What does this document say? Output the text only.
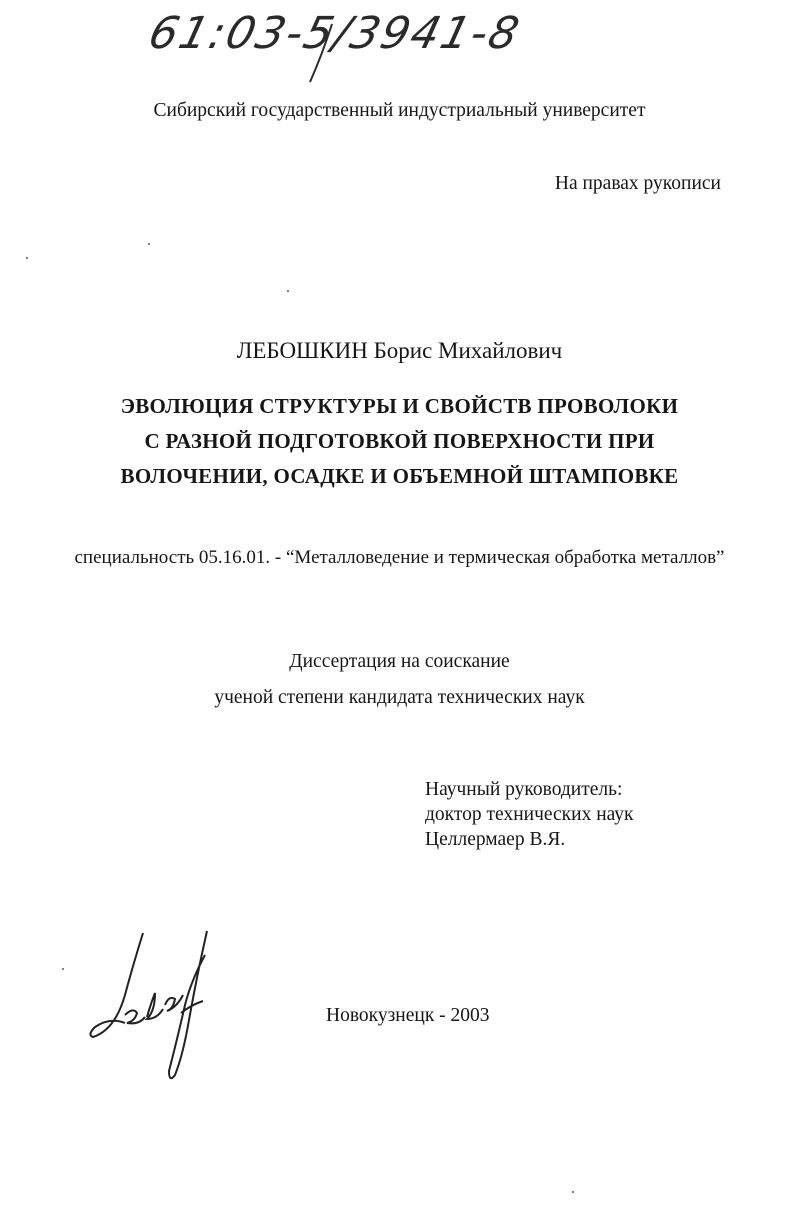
61:03-5/3941-8
Сибирский государственный индустриальный университет
На правах рукописи
ЛЕБОШКИН Борис Михайлович
ЭВОЛЮЦИЯ СТРУКТУРЫ И СВОЙСТВ ПРОВОЛОКИ
С РАЗНОЙ ПОДГОТОВКОЙ ПОВЕРХНОСТИ ПРИ
ВОЛОЧЕНИИ, ОСАДКЕ И ОБЪЕМНОЙ ШТАМПОВКЕ
специальность 05.16.01. - “Металловедение и термическая обработка металлов”
Диссертация на соискание
ученой степени кандидата технических наук
Научный руководитель:
доктор технических наук
Целлермаер В.Я.
Новокузнецк - 2003
